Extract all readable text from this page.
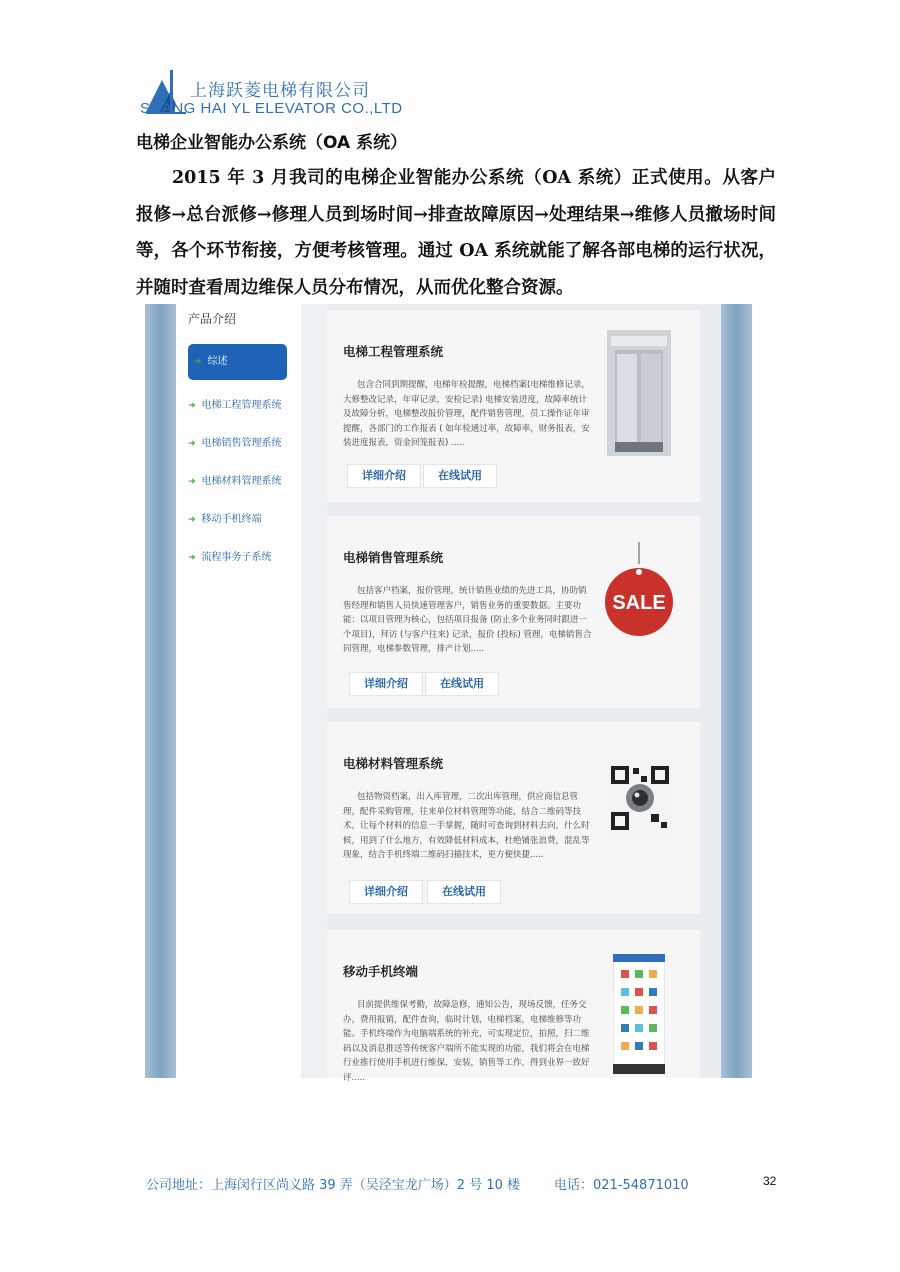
上海跃菱电梯有限公司
SHANG HAI YL ELEVATOR CO.,LTD
电梯企业智能办公系统（OA 系统）
2015 年 3 月我司的电梯企业智能办公系统（OA 系统）正式使用。从客户报修→总台派修→修理人员到场时间→排查故障原因→处理结果→维修人员撤场时间等，各个环节衔接，方便考核管理。通过 OA 系统就能了解各部电梯的运行状况，并随时查看周边维保人员分布情况，从而优化整合资源。
产品介绍
➜ 综述
➜ 电梯工程管理系统
➜ 电梯销售管理系统
➜ 电梯材料管理系统
➜ 移动手机终端
➜ 流程事务子系统
电梯工程管理系统
包含合同到期提醒，电梯年检提醒，电梯档案(电梯维修记录，大修整改记录，年审记录，安检记录) 电梯安装进度，故障率统计及故障分析，电梯整改报价管理，配件销售管理，员工操作证年审提醒，各部门的工作报表 ( 如年检通过率，故障率，财务报表，安装进度报表，资金回笼报表) .....
详细介绍	在线试用
电梯销售管理系统
包括客户档案，报价管理，统计销售业绩的先进工具，协助销售经理和销售人员快速管理客户，销售业务的重要数据。主要功能：以项目管理为核心，包括项目报备 (防止多个业务同时跟进一个项目)，拜访 (与客户往来) 记录，报价 (投标) 管理，电梯销售合同管理，电梯参数管理，排产计划.....
详细介绍	在线试用
SALE
电梯材料管理系统
包括物资档案，出入库管理，二次出库管理，供应商信息管理，配件采购管理，往来单位材料管理等功能，结合二维码等技术，让每个材料的信息一手掌握，随时可查询到材料去向，什么时候，用到了什么地方，有效降低材料成本，杜绝铺张浪费，混乱等现象，结合手机终端二维码扫描技术，更方便快捷.....
详细介绍	在线试用
移动手机终端
目前提供维保考勤，故障急修，通知公告，现场反馈，任务交办，费用报销，配件查询，临时计划，电梯档案，电梯维修等功能。手机终端作为电脑端系统的补充，可实现定位，拍照，扫二维码以及消息推送等传统客户端所不能实现的功能，我们将会在电梯行业推行使用手机进行维保，安装，销售等工作，得到业界一致好评.....
公司地址：上海闵行区尚义路 39 弄（吴泾宝龙广场）2 号 10 楼	电话：021-54871010	32
